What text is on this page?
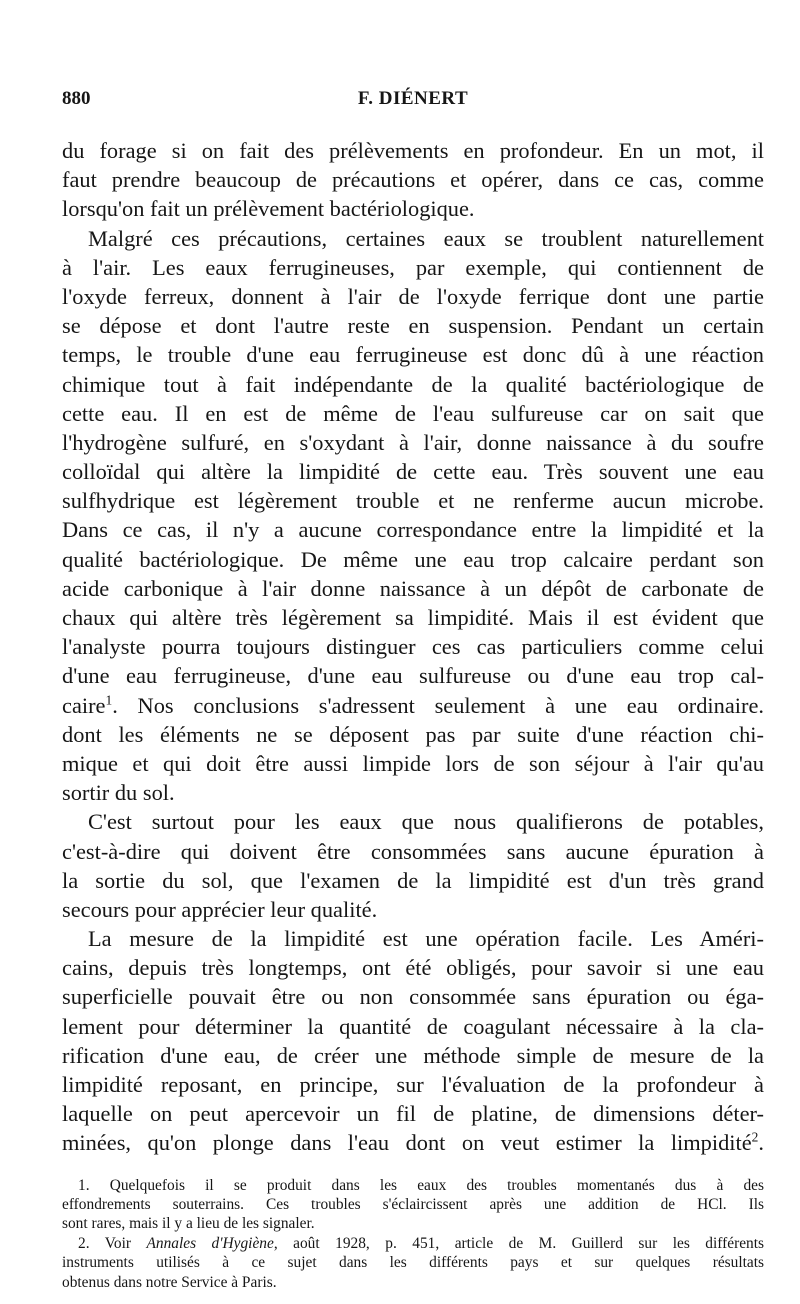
880	F. DIÉNERT
du forage si on fait des prélèvements en profondeur. En un mot, il
faut prendre beaucoup de précautions et opérer, dans ce cas, comme
lorsqu'on fait un prélèvement bactériologique.
Malgré ces précautions, certaines eaux se troublent naturellement
à l'air. Les eaux ferrugineuses, par exemple, qui contiennent de
l'oxyde ferreux, donnent à l'air de l'oxyde ferrique dont une partie
se dépose et dont l'autre reste en suspension. Pendant un certain
temps, le trouble d'une eau ferrugineuse est donc dû à une réaction
chimique tout à fait indépendante de la qualité bactériologique de
cette eau. Il en est de même de l'eau sulfureuse car on sait que
l'hydrogène sulfuré, en s'oxydant à l'air, donne naissance à du soufre
colloïdal qui altère la limpidité de cette eau. Très souvent une eau
sulfhydrique est légèrement trouble et ne renferme aucun microbe.
Dans ce cas, il n'y a aucune correspondance entre la limpidité et la
qualité bactériologique. De même une eau trop calcaire perdant son
acide carbonique à l'air donne naissance à un dépôt de carbonate de
chaux qui altère très légèrement sa limpidité. Mais il est évident que
l'analyste pourra toujours distinguer ces cas particuliers comme celui
d'une eau ferrugineuse, d'une eau sulfureuse ou d'une eau trop cal-
caire$^1$. Nos conclusions s'adressent seulement à une eau ordinaire.
dont les éléments ne se déposent pas par suite d'une réaction chi-
mique et qui doit être aussi limpide lors de son séjour à l'air qu'au
sortir du sol.
C'est surtout pour les eaux que nous qualifierons de potables,
c'est-à-dire qui doivent être consommées sans aucune épuration à
la sortie du sol, que l'examen de la limpidité est d'un très grand
secours pour apprécier leur qualité.
La mesure de la limpidité est une opération facile. Les Améri-
cains, depuis très longtemps, ont été obligés, pour savoir si une eau
superficielle pouvait être ou non consommée sans épuration ou éga-
lement pour déterminer la quantité de coagulant nécessaire à la cla-
rification d'une eau, de créer une méthode simple de mesure de la
limpidité reposant, en principe, sur l'évaluation de la profondeur à
laquelle on peut apercevoir un fil de platine, de dimensions déter-
minées, qu'on plonge dans l'eau dont on veut estimer la limpidité$^2$.
1. Quelquefois il se produit dans les eaux des troubles momentanés dus à des
effondrements souterrains. Ces troubles s'éclaircissent après une addition de HCl. Ils
sont rares, mais il y a lieu de les signaler.
2. Voir Annales d'Hygiène, août 1928, p. 451, article de M. Guillerd sur les différents
instruments utilisés à ce sujet dans les différents pays et sur quelques résultats
obtenus dans notre Service à Paris.
